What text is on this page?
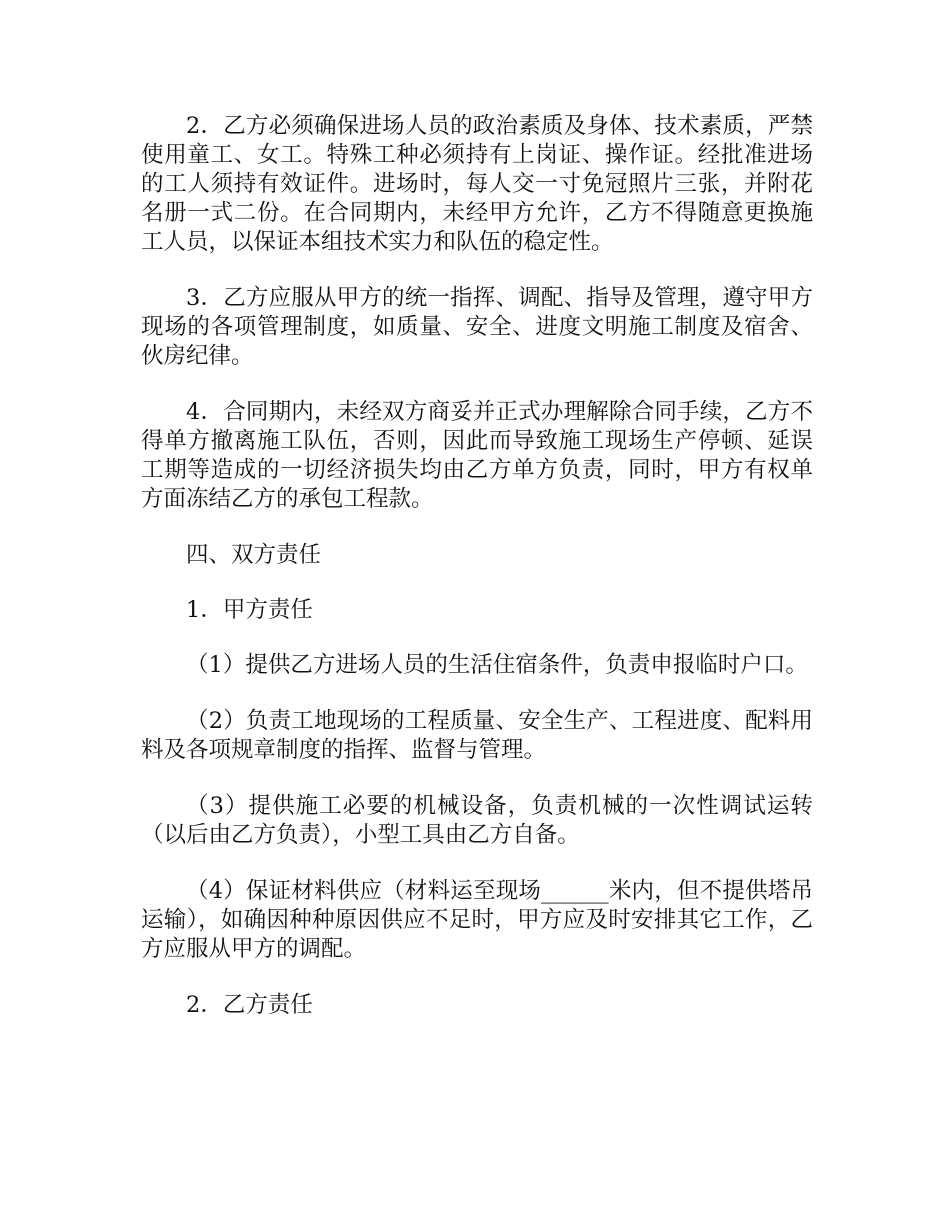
2．乙方必须确保进场人员的政治素质及身体、技术素质，严禁使用童工、女工。特殊工种必须持有上岗证、操作证。经批准进场的工人须持有效证件。进场时，每人交一寸免冠照片三张，并附花名册一式二份。在合同期内，未经甲方允许，乙方不得随意更换施工人员，以保证本组技术实力和队伍的稳定性。

3．乙方应服从甲方的统一指挥、调配、指导及管理，遵守甲方现场的各项管理制度，如质量、安全、进度文明施工制度及宿舍、伙房纪律。

4．合同期内，未经双方商妥并正式办理解除合同手续，乙方不得单方撤离施工队伍，否则，因此而导致施工现场生产停顿、延误工期等造成的一切经济损失均由乙方单方负责，同时，甲方有权单方面冻结乙方的承包工程款。

四、双方责任

1．甲方责任

（1）提供乙方进场人员的生活住宿条件，负责申报临时户口。

（2）负责工地现场的工程质量、安全生产、工程进度、配料用料及各项规章制度的指挥、监督与管理。

（3）提供施工必要的机械设备，负责机械的一次性调试运转（以后由乙方负责），小型工具由乙方自备。

（4）保证材料供应（材料运至现场______米内，但不提供塔吊运输），如确因种种原因供应不足时，甲方应及时安排其它工作，乙方应服从甲方的调配。

2．乙方责任
